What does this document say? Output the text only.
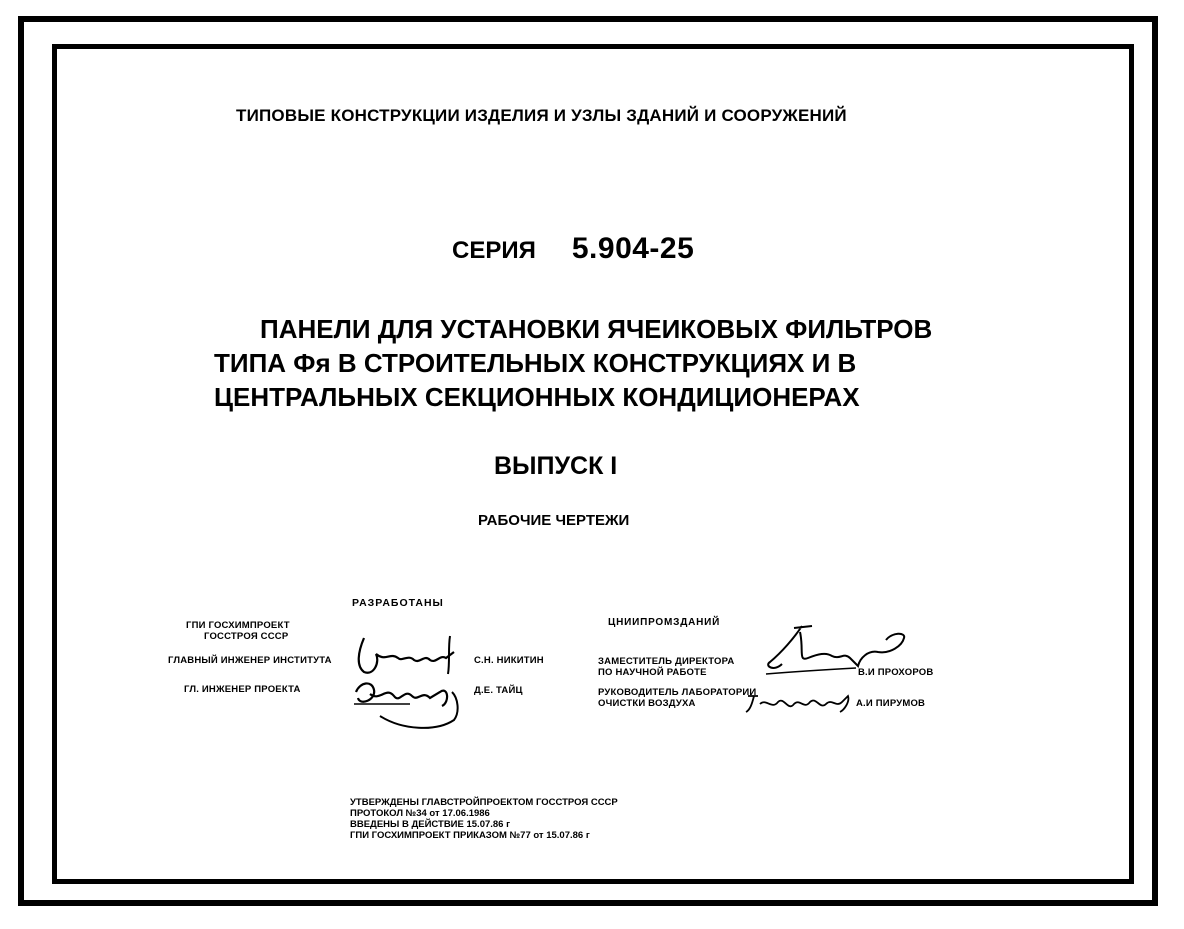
ТИПОВЫЕ КОНСТРУКЦИИ ИЗДЕЛИЯ И УЗЛЫ ЗДАНИЙ И СООРУЖЕНИЙ
СЕРИЯ 5.904-25
ПАНЕЛИ ДЛЯ УСТАНОВКИ ЯЧЕИКОВЫХ ФИЛЬТРОВ
ТИПА Фя В СТРОИТЕЛЬНЫХ КОНСТРУКЦИЯХ И В
ЦЕНТРАЛЬНЫХ СЕКЦИОННЫХ КОНДИЦИОНЕРАХ
ВЫПУСК I
РАБОЧИЕ ЧЕРТЕЖИ
РАЗРАБОТАНЫ
ГПИ ГОСХИМПРОЕКТ
ГОССТРОЯ СССР
ГЛАВНЫЙ ИНЖЕНЕР ИНСТИТУТА	С.Н. НИКИТИН
ГЛ. ИНЖЕНЕР ПРОЕКТА	Д.Е. ТАЙЦ
ЦНИИПРОМЗДАНИЙ
ЗАМЕСТИТЕЛЬ ДИРЕКТОРА
ПО НАУЧНОЙ РАБОТЕ	В.И ПРОХОРОВ
РУКОВОДИТЕЛЬ ЛАБОРАТОРИИ
ОЧИСТКИ ВОЗДУХА	А.И ПИРУМОВ
УТВЕРЖДЕНЫ ГЛАВСТРОЙПРОЕКТОМ ГОССТРОЯ СССР
ПРОТОКОЛ №34 от 17.06.1986
ВВЕДЕНЫ В ДЕЙСТВИЕ 15.07.86 г
ГПИ ГОСХИМПРОЕКТ ПРИКАЗОМ №77 от 15.07.86 г
